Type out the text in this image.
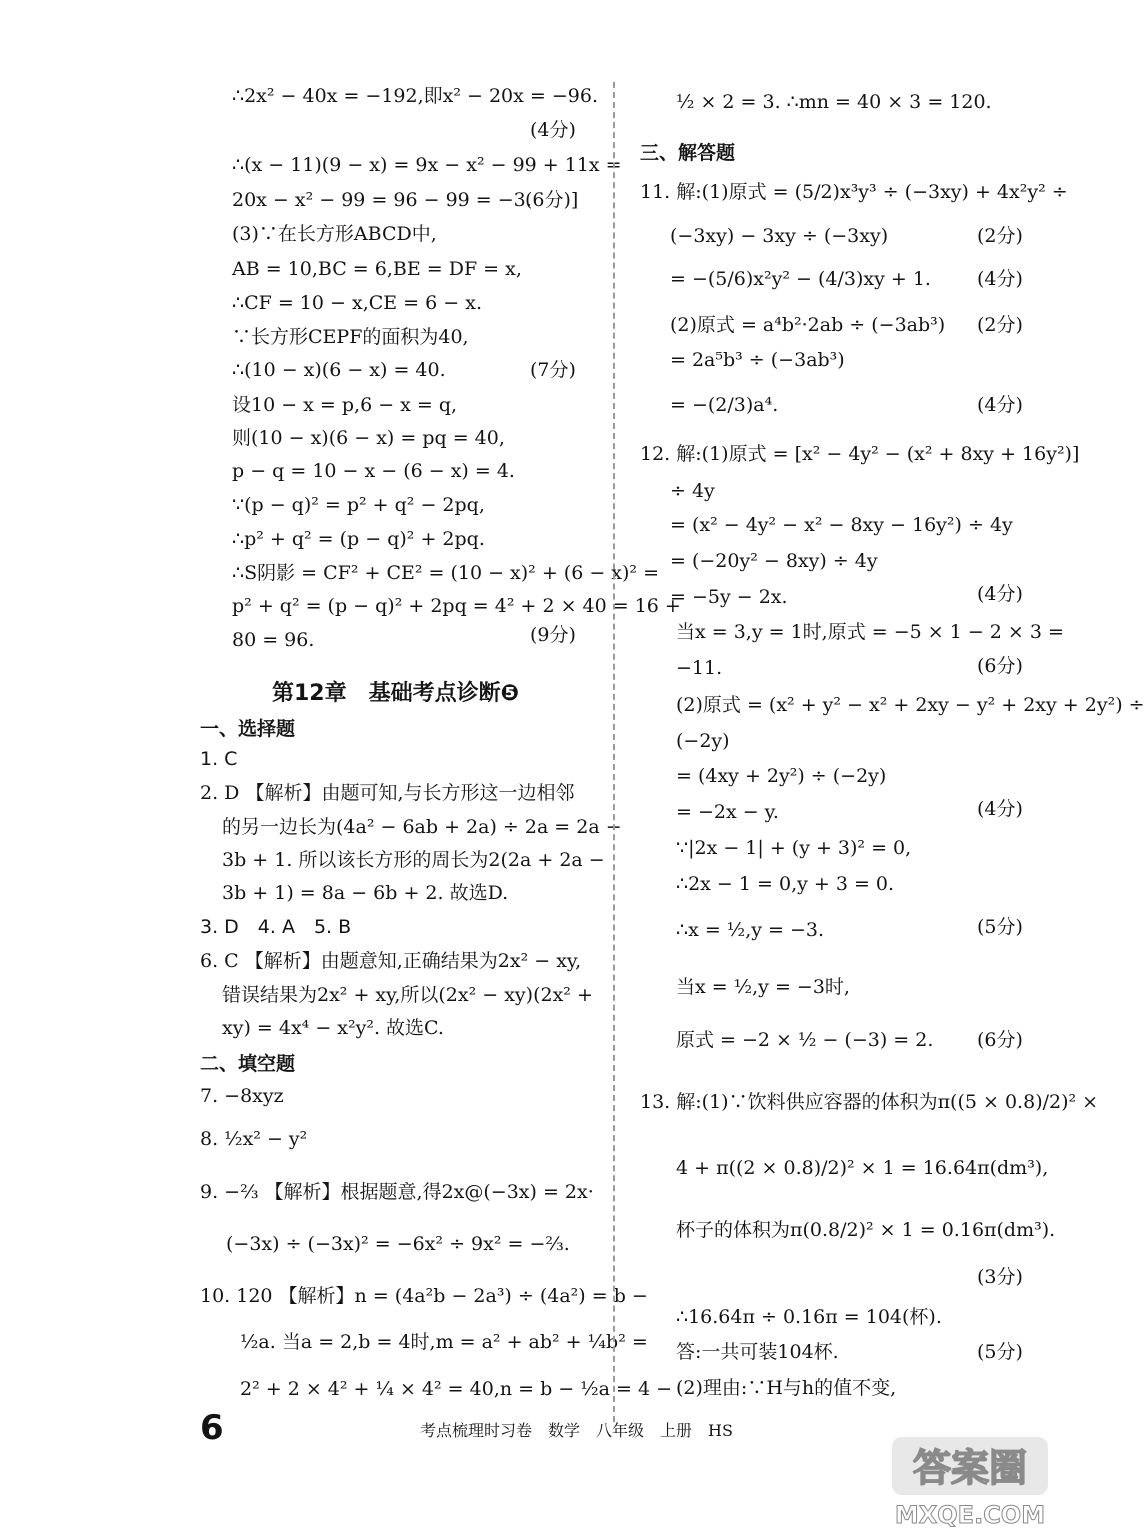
∴2x² − 40x = −192,即x² − 20x = −96.
(4分)
∴(x − 11)(9 − x) = 9x − x² − 99 + 11x =
20x − x² − 99 = 96 − 99 = −3.
(6分)]
(3)∵在长方形ABCD中,
AB = 10,BC = 6,BE = DF = x,
∴CF = 10 − x,CE = 6 − x.
∵长方形CEPF的面积为40,
∴(10 − x)(6 − x) = 40.	(7分)
设10 − x = p,6 − x = q,
则(10 − x)(6 − x) = pq = 40,
p − q = 10 − x − (6 − x) = 4.
∵(p − q)² = p² + q² − 2pq,
∴p² + q² = (p − q)² + 2pq.
∴S阴影 = CF² + CE² = (10 − x)² + (6 − x)² =
p² + q² = (p − q)² + 2pq = 4² + 2 × 40 = 16 +
80 = 96.	(9分)
第12章　基础考点诊断❺
一、选择题
1. C
2. D 【解析】由题可知,与长方形这一边相邻
的另一边长为(4a² − 6ab + 2a) ÷ 2a = 2a −
3b + 1. 所以该长方形的周长为2(2a + 2a −
3b + 1) = 8a − 6b + 2. 故选D.
3. D　4. A　5. B
6. C 【解析】由题意知,正确结果为2x² − xy,
错误结果为2x² + xy,所以(2x² − xy)(2x² +
xy) = 4x⁴ − x²y². 故选C.
二、填空题
7. −8xyz
8. ½x² − y²
9. −⅔ 【解析】根据题意,得2x@(−3x) = 2x·
(−3x) ÷ (−3x)² = −6x² ÷ 9x² = −⅔.
10. 120 【解析】n = (4a²b − 2a³) ÷ (4a²) = b −
½a. 当a = 2,b = 4时,m = a² + ab² + ¼b² =
2² + 2 × 4² + ¼ × 4² = 40,n = b − ½a = 4 −
½ × 2 = 3. ∴mn = 40 × 3 = 120.
三、解答题
11. 解:(1)原式 = (5/2)x³y³ ÷ (−3xy) + 4x²y² ÷
(−3xy) − 3xy ÷ (−3xy)	(2分)
= −(5/6)x²y² − (4/3)xy + 1. (4分)
(2)原式 = a⁴b²·2ab ÷ (−3ab³) (2分)
= 2a⁵b³ ÷ (−3ab³)
= −(2/3)a⁴.	(4分)
12. 解:(1)原式 = [x² − 4y² − (x² + 8xy + 16y²)]
÷ 4y
= (x² − 4y² − x² − 8xy − 16y²) ÷ 4y
= (−20y² − 8xy) ÷ 4y
= −5y − 2x.	(4分)
当x = 3,y = 1时,原式 = −5 × 1 − 2 × 3 =
−11.	(6分)
(2)原式 = (x² + y² − x² + 2xy − y² + 2xy + 2y²) ÷
(−2y)
= (4xy + 2y²) ÷ (−2y)
= −2x − y.	(4分)
∵|2x − 1| + (y + 3)² = 0,
∴2x − 1 = 0,y + 3 = 0.
∴x = ½,y = −3.	(5分)
当x = ½,y = −3时,
原式 = −2 × ½ − (−3) = 2. (6分)
13. 解:(1)∵饮料供应容器的体积为π((5 × 0.8)/2)² ×
4 + π((2 × 0.8)/2)² × 1 = 16.64π(dm³),
杯子的体积为π(0.8/2)² × 1 = 0.16π(dm³).
(3分)
∴16.64π ÷ 0.16π = 104(杯).
答:一共可装104杯.	(5分)
(2)理由:∵H与h的值不变,
6	考点梳理时习卷　数学　八年级　上册　HS
答案圈
MXQE.COM
